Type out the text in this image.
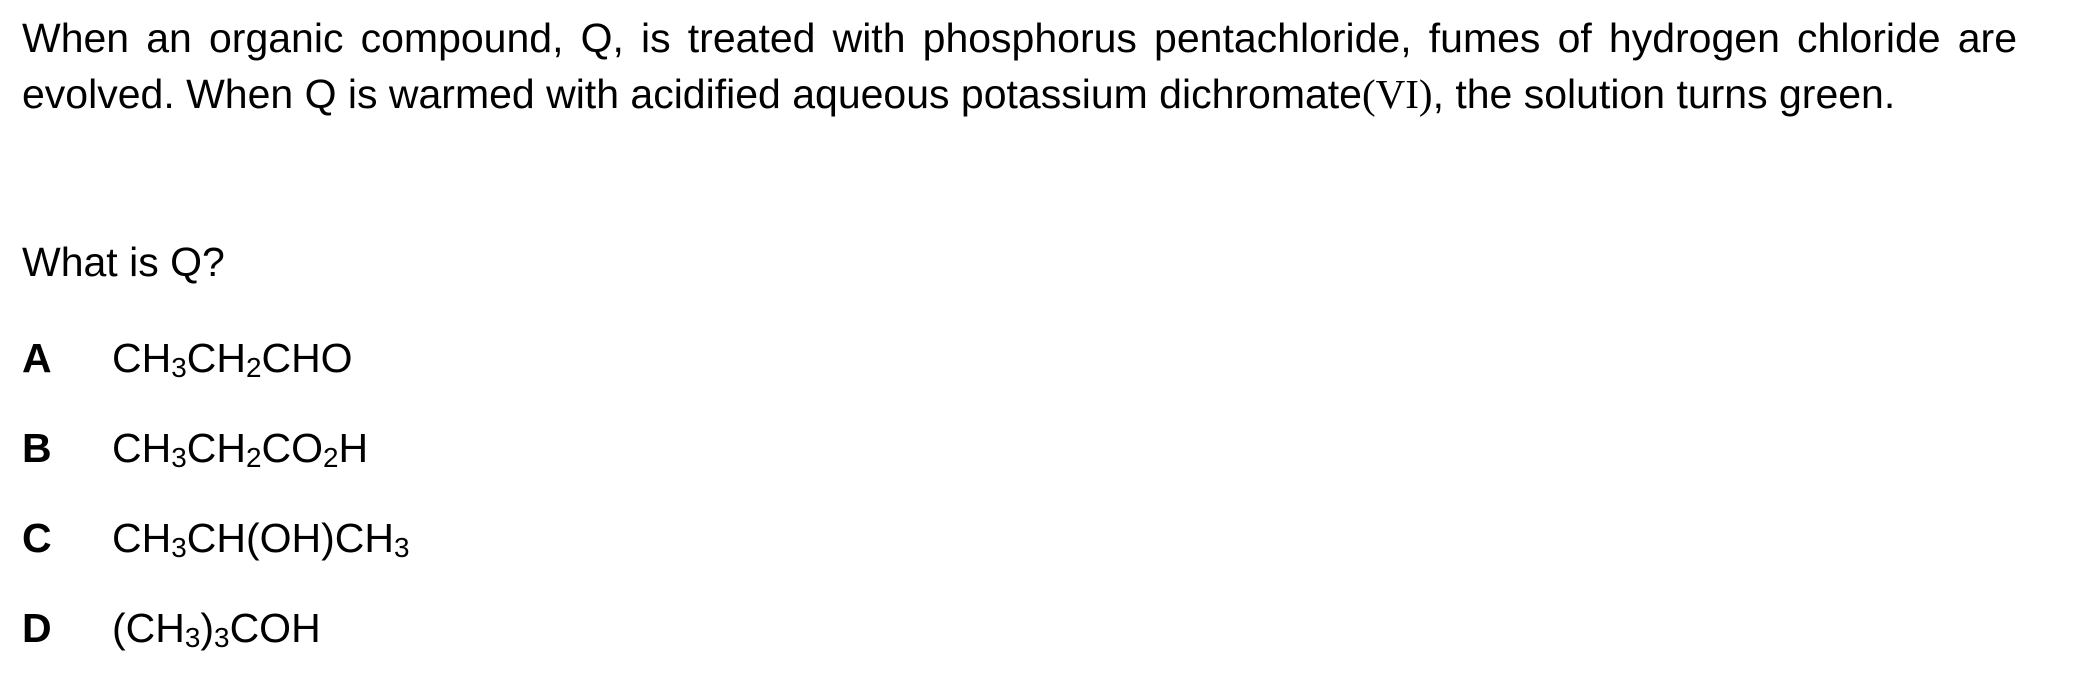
When an organic compound, Q, is treated with phosphorus pentachloride, fumes of hydrogen chloride are evolved. When Q is warmed with acidified aqueous potassium dichromate(VI), the solution turns green.

What is Q?

A	$CH_3CH_2CHO$
B	$CH_3CH_2CO_2H$
C	$CH_3CH(OH)CH_3$
D	$(CH_3)_3COH$
